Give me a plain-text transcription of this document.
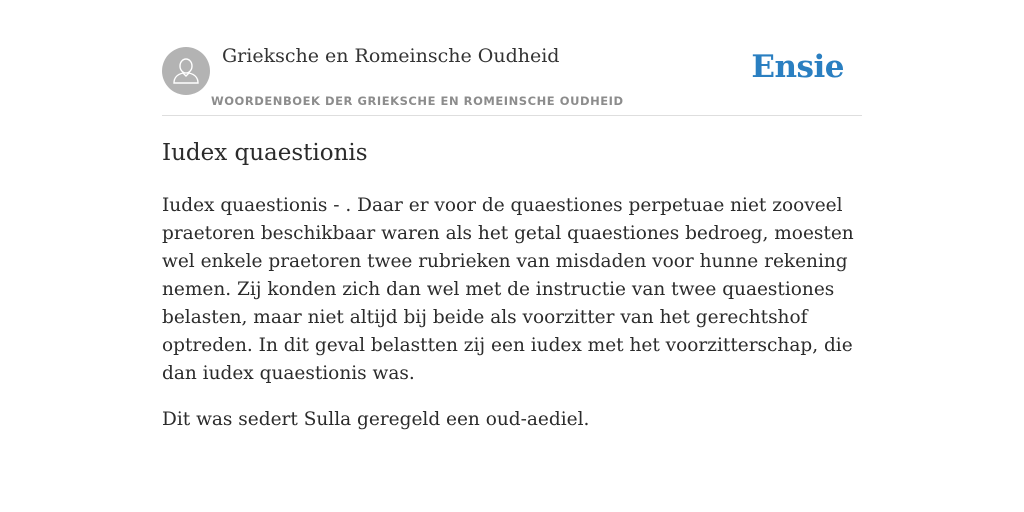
Grieksche en Romeinsche Oudheid
WOORDENBOEK DER GRIEKSCHE EN ROMEINSCHE OUDHEID
Ensie
Iudex quaestionis

Iudex quaestionis - . Daar er voor de quaestiones perpetuae niet zooveel praetoren beschikbaar waren als het getal quaestiones bedroeg, moesten wel enkele praetoren twee rubrieken van misdaden voor hunne rekening nemen. Zij konden zich dan wel met de instructie van twee quaestiones belasten, maar niet altijd bij beide als voorzitter van het gerechtshof optreden. In dit geval belastten zij een iudex met het voorzitterschap, die dan iudex quaestionis was.

Dit was sedert Sulla geregeld een oud-aediel.
